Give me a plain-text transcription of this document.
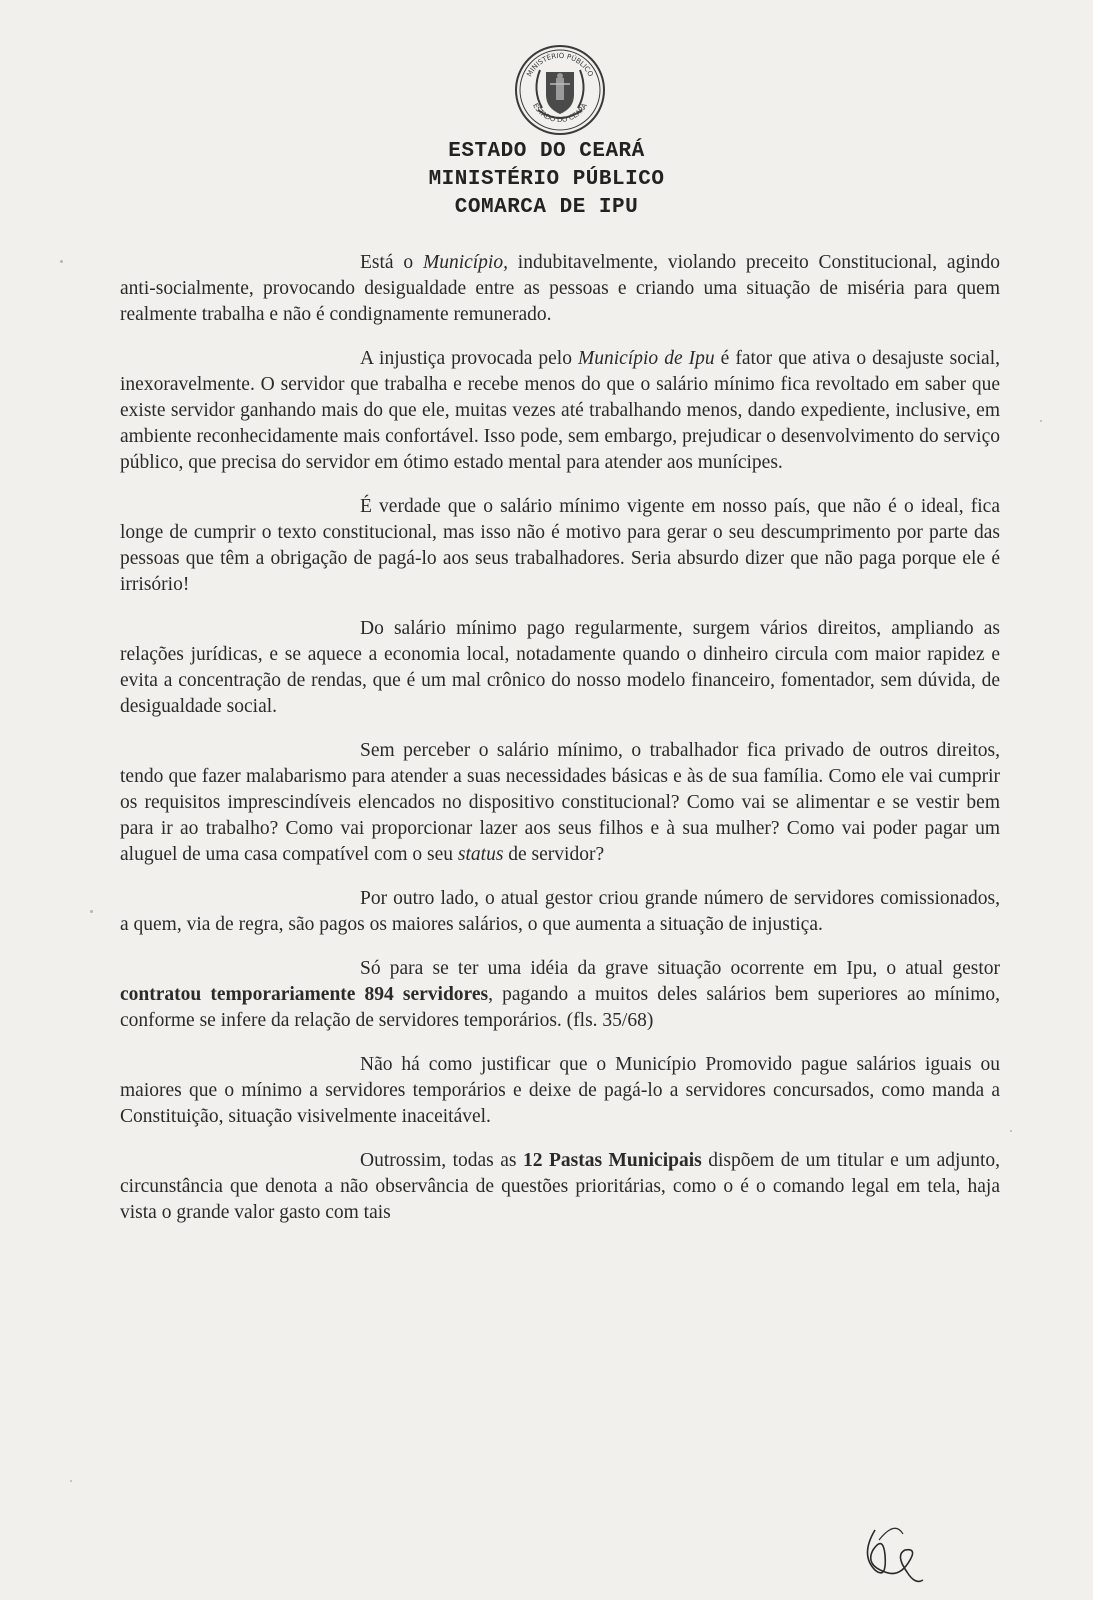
MINISTÉRIO PÚBLICO
ESTADO DO CEARÁ
ESTADO DO CEARÁ
MINISTÉRIO PÚBLICO
COMARCA DE IPU

Está o Município, indubitavelmente, violando preceito Constitucional, agindo anti-socialmente, provocando desigualdade entre as pessoas e criando uma situação de miséria para quem realmente trabalha e não é condignamente remunerado.

A injustiça provocada pelo Município de Ipu é fator que ativa o desajuste social, inexoravelmente. O servidor que trabalha e recebe menos do que o salário mínimo fica revoltado em saber que existe servidor ganhando mais do que ele, muitas vezes até trabalhando menos, dando expediente, inclusive, em ambiente reconhecidamente mais confortável. Isso pode, sem embargo, prejudicar o desenvolvimento do serviço público, que precisa do servidor em ótimo estado mental para atender aos munícipes.

É verdade que o salário mínimo vigente em nosso país, que não é o ideal, fica longe de cumprir o texto constitucional, mas isso não é motivo para gerar o seu descumprimento por parte das pessoas que têm a obrigação de pagá-lo aos seus trabalhadores. Seria absurdo dizer que não paga porque ele é irrisório!

Do salário mínimo pago regularmente, surgem vários direitos, ampliando as relações jurídicas, e se aquece a economia local, notadamente quando o dinheiro circula com maior rapidez e evita a concentração de rendas, que é um mal crônico do nosso modelo financeiro, fomentador, sem dúvida, de desigualdade social.

Sem perceber o salário mínimo, o trabalhador fica privado de outros direitos, tendo que fazer malabarismo para atender a suas necessidades básicas e às de sua família. Como ele vai cumprir os requisitos imprescindíveis elencados no dispositivo constitucional? Como vai se alimentar e se vestir bem para ir ao trabalho? Como vai proporcionar lazer aos seus filhos e à sua mulher? Como vai poder pagar um aluguel de uma casa compatível com o seu status de servidor?

Por outro lado, o atual gestor criou grande número de servidores comissionados, a quem, via de regra, são pagos os maiores salários, o que aumenta a situação de injustiça.

Só para se ter uma idéia da grave situação ocorrente em Ipu, o atual gestor contratou temporariamente 894 servidores, pagando a muitos deles salários bem superiores ao mínimo, conforme se infere da relação de servidores temporários. (fls. 35/68)

Não há como justificar que o Município Promovido pague salários iguais ou maiores que o mínimo a servidores temporários e deixe de pagá-lo a servidores concursados, como manda a Constituição, situação visivelmente inaceitável.

Outrossim, todas as 12 Pastas Municipais dispõem de um titular e um adjunto, circunstância que denota a não observância de questões prioritárias, como o é o comando legal em tela, haja vista o grande valor gasto com tais
